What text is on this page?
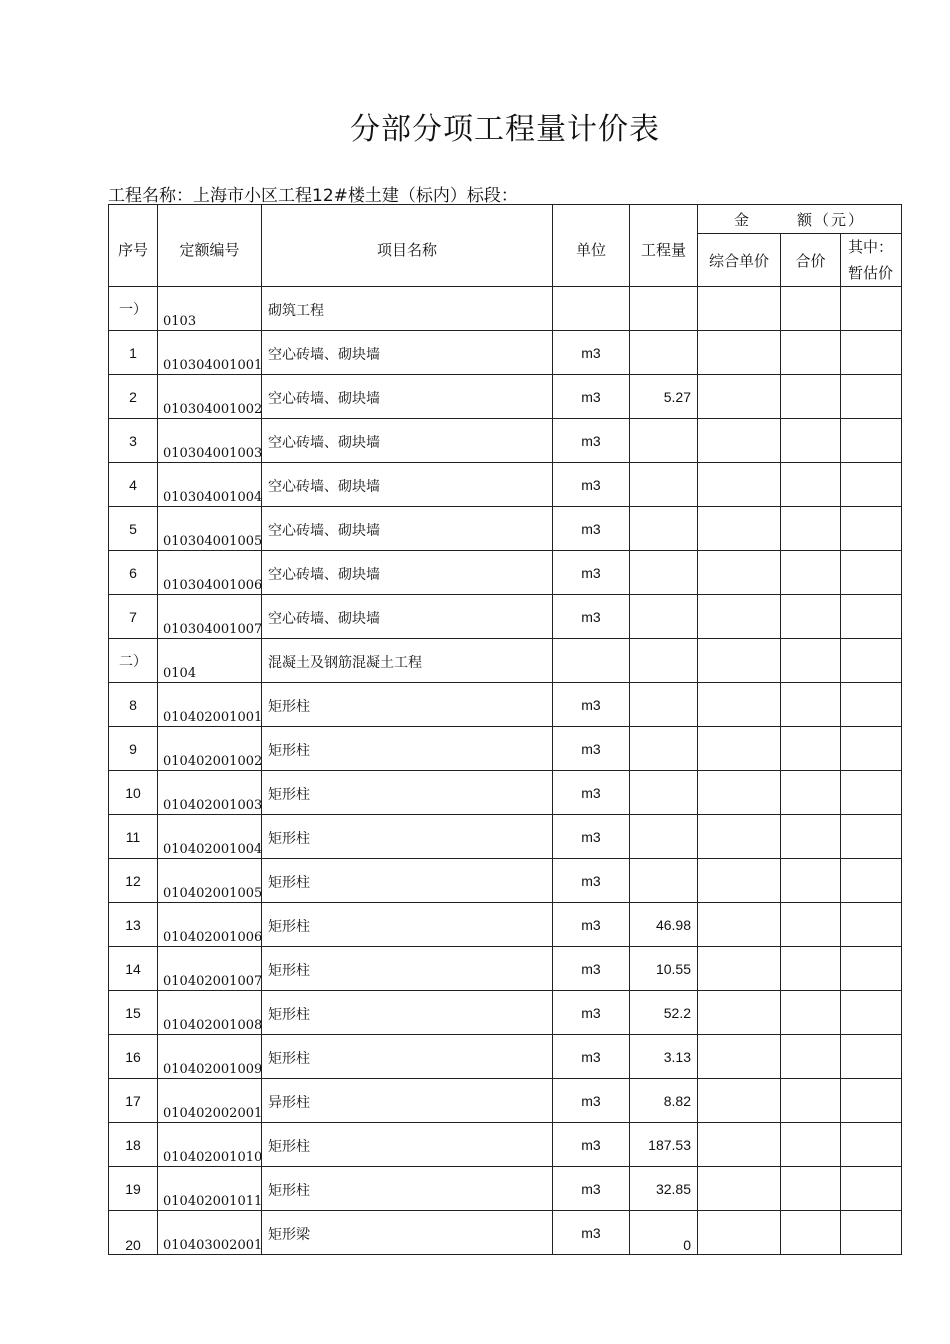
分部分项工程量计价表
工程名称：上海市小区工程12#楼土建（标内）标段：
序号	定额编号	项目名称	单位	工程量	金 额（元）		
					综合单价	合价	其中：
暂估价

一）	0103	砌筑工程					
1	010304001001	空心砖墙、砌块墙	m3				
2	010304001002	空心砖墙、砌块墙	m3	5.27			
3	010304001003	空心砖墙、砌块墙	m3				
4	010304001004	空心砖墙、砌块墙	m3				
5	010304001005	空心砖墙、砌块墙	m3				
6	010304001006	空心砖墙、砌块墙	m3				
7	010304001007	空心砖墙、砌块墙	m3				
二）	0104	混凝土及钢筋混凝土工程					
8	010402001001	矩形柱	m3				
9	010402001002	矩形柱	m3				
10	010402001003	矩形柱	m3				
11	010402001004	矩形柱	m3				
12	010402001005	矩形柱	m3				
13	010402001006	矩形柱	m3	46.98			
14	010402001007	矩形柱	m3	10.55			
15	010402001008	矩形柱	m3	52.2			
16	010402001009	矩形柱	m3	3.13			
17	010402002001	异形柱	m3	8.82			
18	010402001010	矩形柱	m3	187.53			
19	010402001011	矩形柱	m3	32.85			
20	010403002001	矩形梁	m3	0			
